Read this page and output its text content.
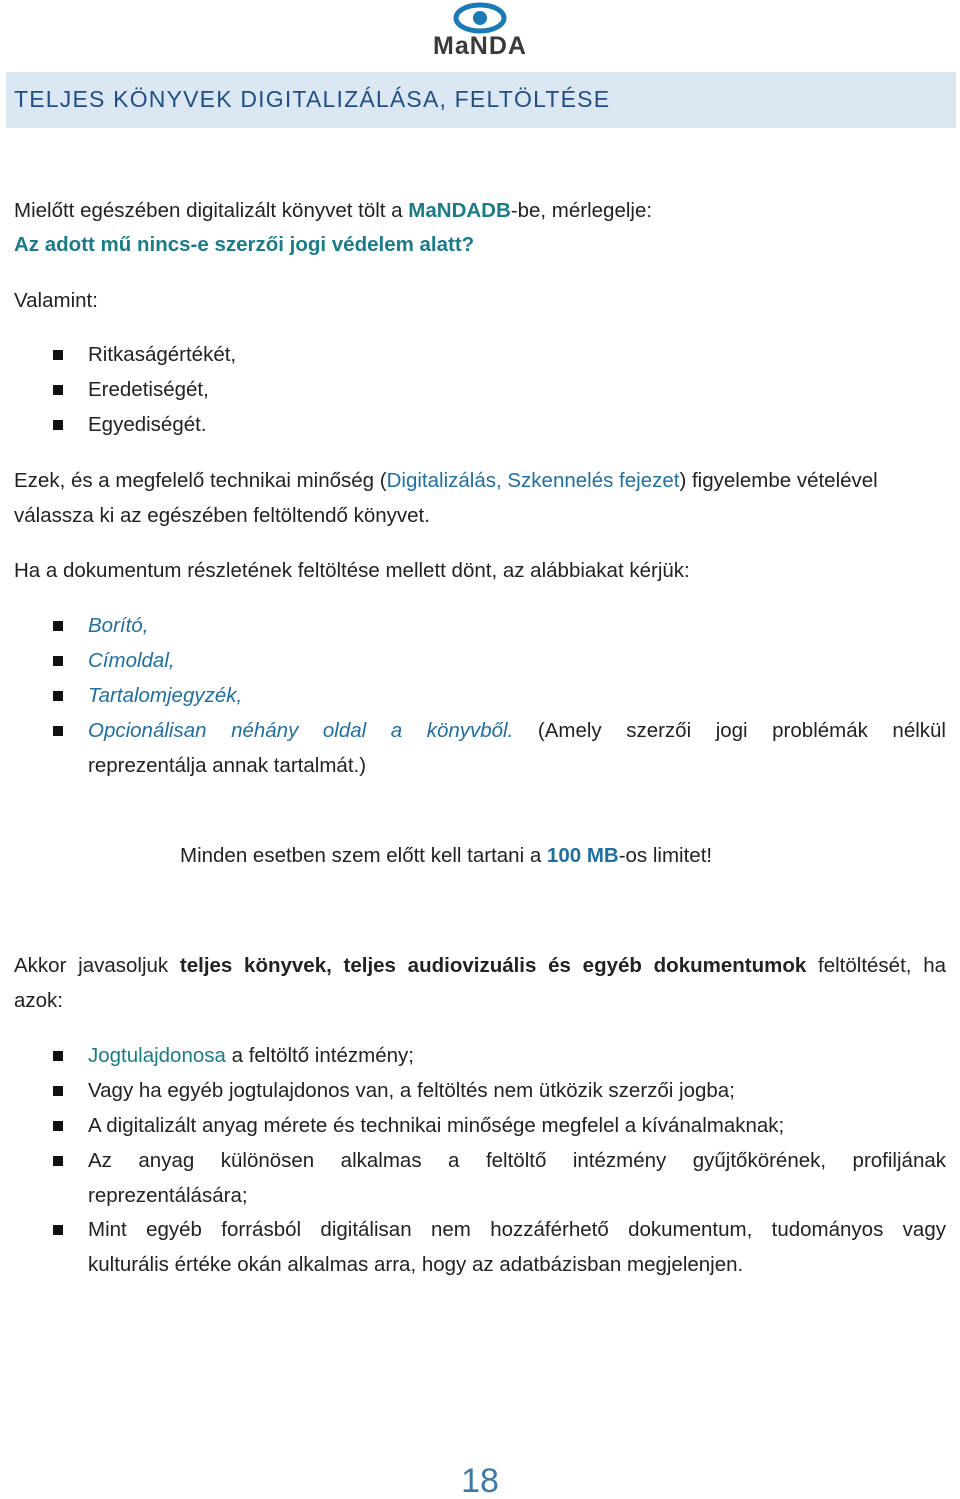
MaNDA
TELJES KÖNYVEK DIGITALIZÁLÁSA, FELTÖLTÉSE
Mielőtt egészében digitalizált könyvet tölt a MaNDADB-be, mérlegelje:
Az adott mű nincs-e szerzői jogi védelem alatt?
Valamint:
Ritkaságértékét,
Eredetiségét,
Egyediségét.
Ezek, és a megfelelő technikai minőség (Digitalizálás, Szkennelés fejezet) figyelembe vételével
válassza ki az egészében feltöltendő könyvet.
Ha a dokumentum részletének feltöltése mellett dönt, az alábbiakat kérjük:
Borító,
Címoldal,
Tartalomjegyzék,
Opcionálisan néhány oldal a könyvből. (Amely szerzői jogi problémák nélkül
reprezentálja annak tartalmát.)
Minden esetben szem előtt kell tartani a 100 MB-os limitet!
Akkor javasoljuk teljes könyvek, teljes audiovizuális és egyéb dokumentumok feltöltését, ha
azok:
Jogtulajdonosa a feltöltő intézmény;
Vagy ha egyéb jogtulajdonos van, a feltöltés nem ütközik szerzői jogba;
A digitalizált anyag mérete és technikai minősége megfelel a kívánalmaknak;
Az anyag különösen alkalmas a feltöltő intézmény gyűjtőkörének, profiljának
reprezentálására;
Mint egyéb forrásból digitálisan nem hozzáférhető dokumentum, tudományos vagy
kulturális értéke okán alkalmas arra, hogy az adatbázisban megjelenjen.
18
